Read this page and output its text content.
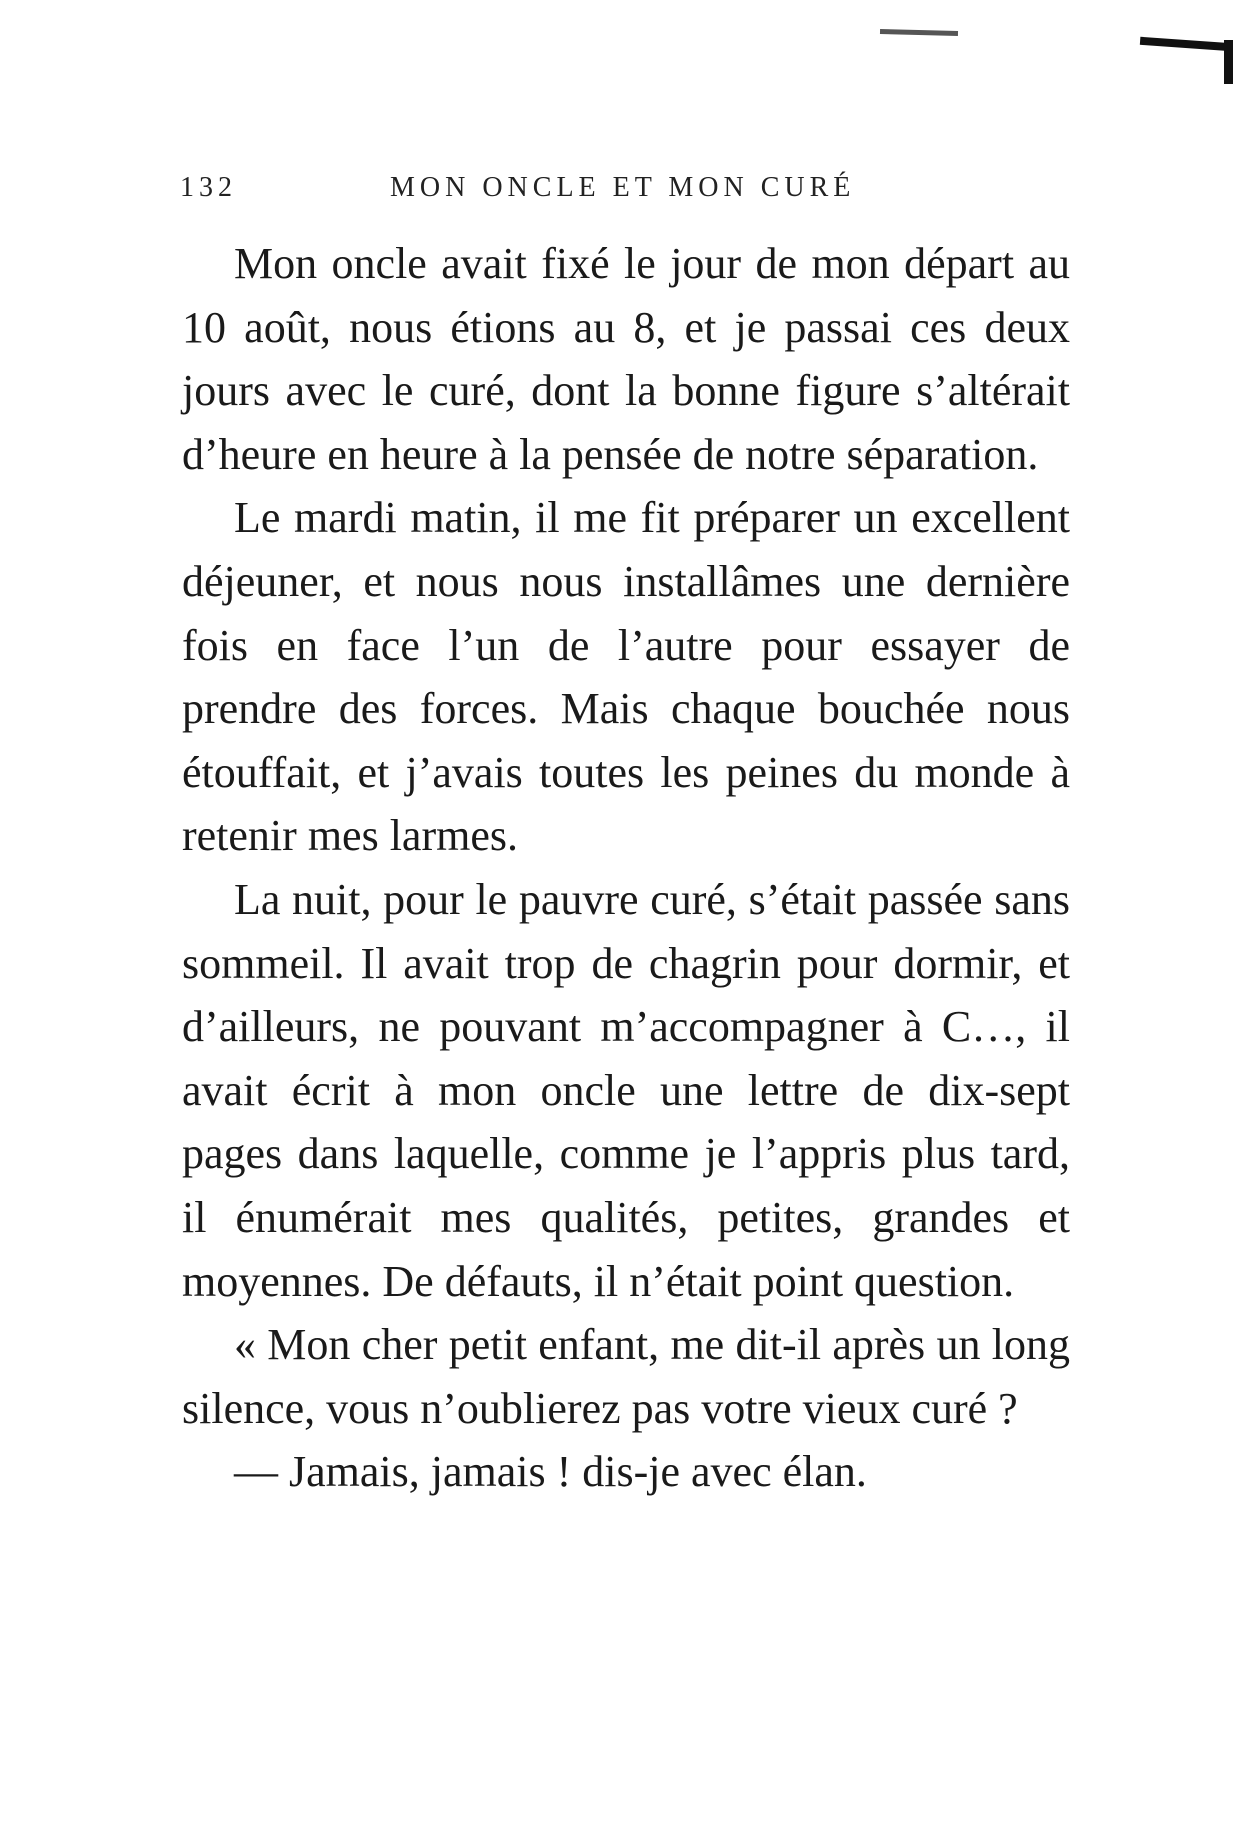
132	MON ONCLE ET MON CURÉ

Mon oncle avait fixé le jour de mon départ au 10 août, nous étions au 8, et je passai ces deux jours avec le curé, dont la bonne figure s’altérait d’heure en heure à la pensée de notre séparation.

Le mardi matin, il me fit préparer un excellent déjeuner, et nous nous installâmes une dernière fois en face l’un de l’autre pour essayer de prendre des forces. Mais chaque bouchée nous étouffait, et j’avais toutes les peines du monde à retenir mes larmes.

La nuit, pour le pauvre curé, s’était passée sans sommeil. Il avait trop de chagrin pour dormir, et d’ailleurs, ne pouvant m’accompagner à C…, il avait écrit à mon oncle une lettre de dix-sept pages dans laquelle, comme je l’appris plus tard, il énumérait mes qualités, petites, grandes et moyennes. De défauts, il n’était point question.

« Mon cher petit enfant, me dit-il après un long silence, vous n’oublierez pas votre vieux curé ?

— Jamais, jamais ! dis-je avec élan.
